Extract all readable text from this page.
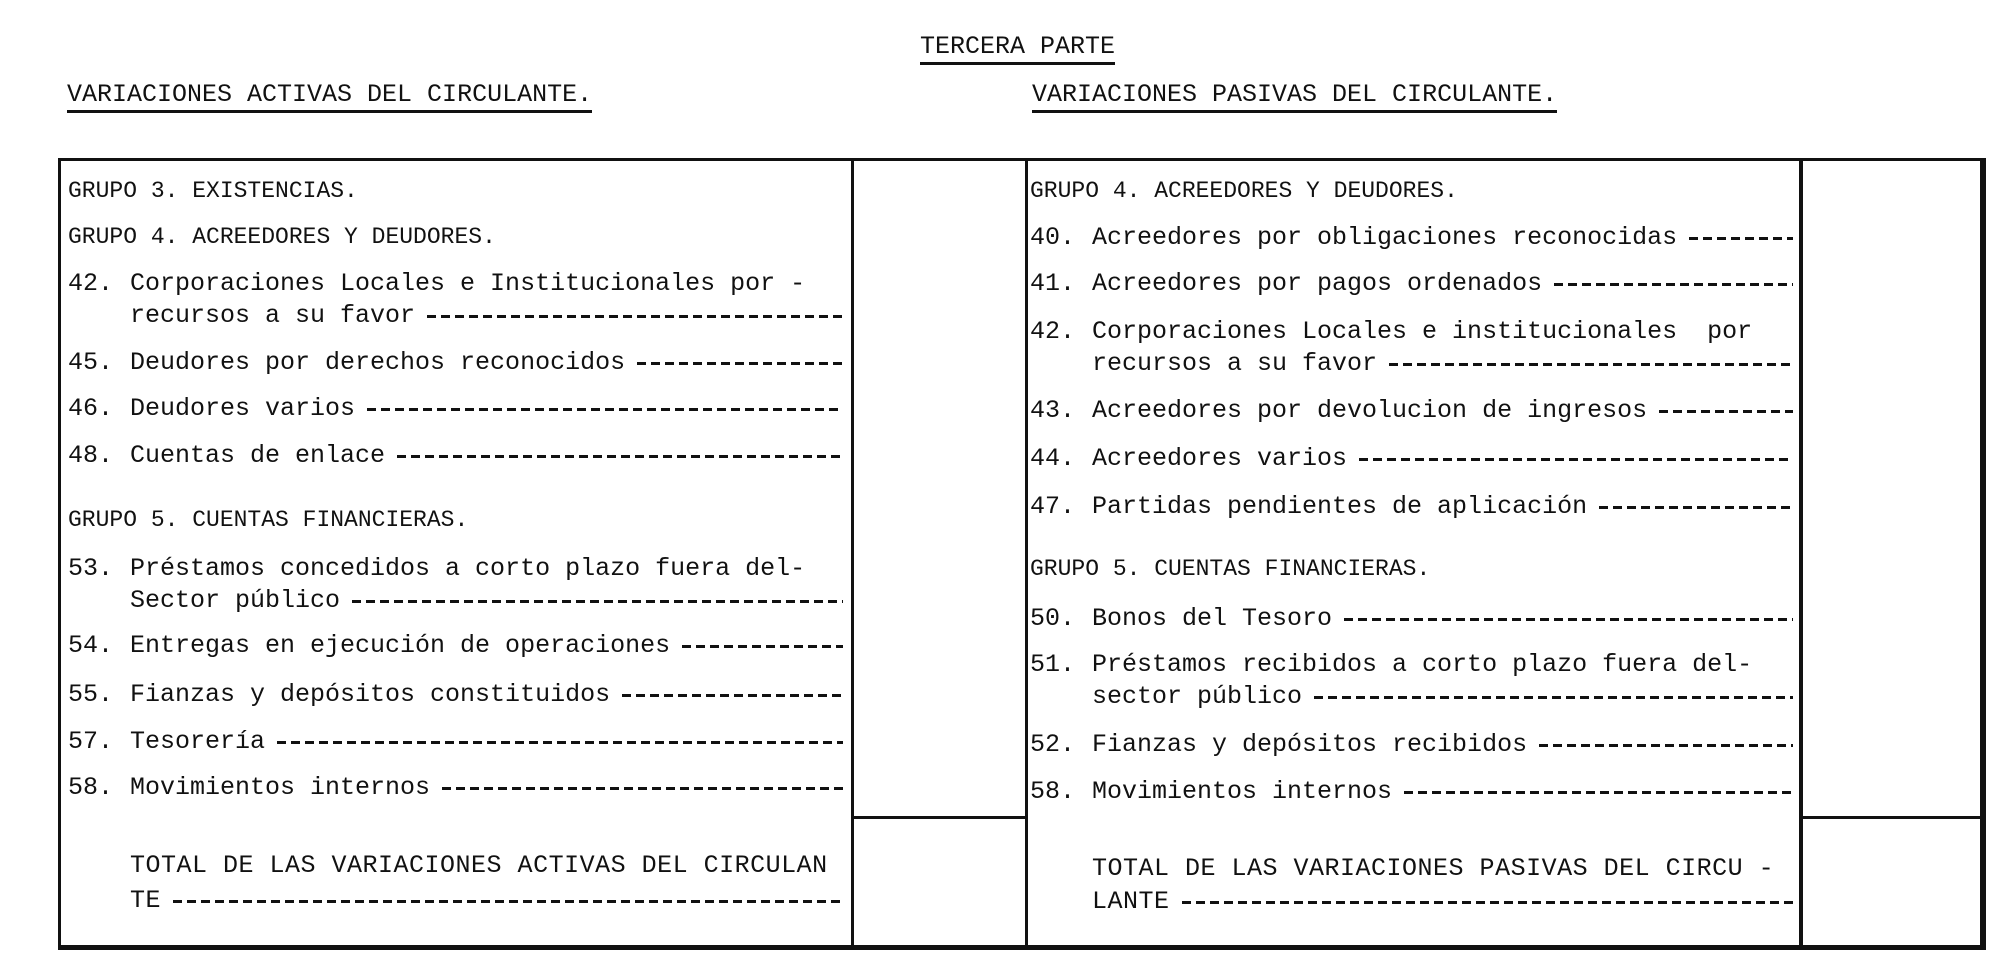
TERCERA PARTE
VARIACIONES ACTIVAS DEL CIRCULANTE.	VARIACIONES PASIVAS DEL CIRCULANTE.
GRUPO 3. EXISTENCIAS.
GRUPO 4. ACREEDORES Y DEUDORES.
42. Corporaciones Locales e Institucionales por -
recursos a su favor
45. Deudores por derechos reconocidos
46. Deudores varios
48. Cuentas de enlace
GRUPO 5. CUENTAS FINANCIERAS.
53. Préstamos concedidos a corto plazo fuera del-
Sector público
54. Entregas en ejecución de operaciones
55. Fianzas y depósitos constituidos
57. Tesorería
58. Movimientos internos
TOTAL DE LAS VARIACIONES ACTIVAS DEL CIRCULAN
TE
GRUPO 4. ACREEDORES Y DEUDORES.
40. Acreedores por obligaciones reconocidas
41. Acreedores por pagos ordenados
42. Corporaciones Locales e institucionales  por
recursos a su favor
43. Acreedores por devolucion de ingresos
44. Acreedores varios
47. Partidas pendientes de aplicación
GRUPO 5. CUENTAS FINANCIERAS.
50. Bonos del Tesoro
51. Préstamos recibidos a corto plazo fuera del-
sector público
52. Fianzas y depósitos recibidos
58. Movimientos internos
TOTAL DE LAS VARIACIONES PASIVAS DEL CIRCU -
LANTE
